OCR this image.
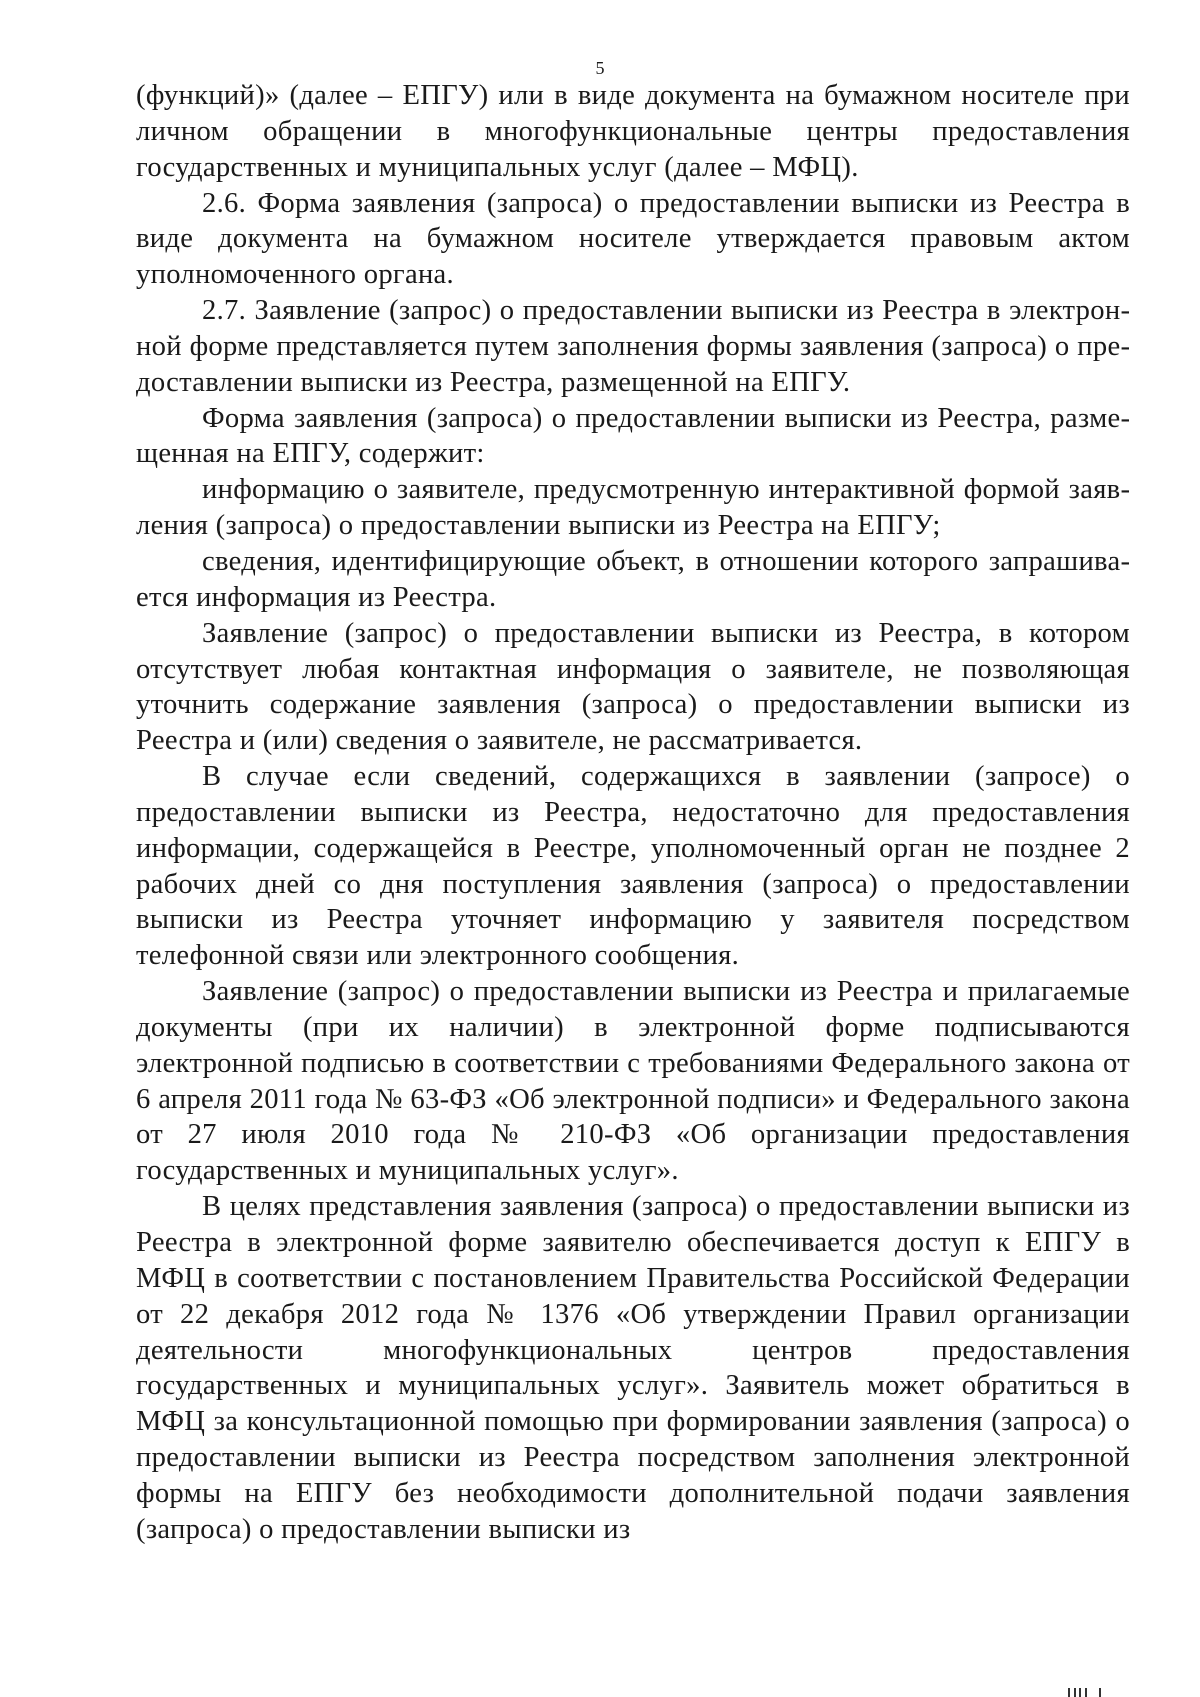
5

(функций)» (далее – ЕПГУ) или в виде документа на бумажном носителе при личном обращении в многофункциональные центры предоставления государственных и муниципальных услуг (далее – МФЦ).

2.6. Форма заявления (запроса) о предоставлении выписки из Реестра в виде документа на бумажном носителе утверждается правовым актом уполномоченного органа.

2.7. Заявление (запрос) о предоставлении выписки из Реестра в электронной форме представляется путем заполнения формы заявления (запроса) о предоставлении выписки из Реестра, размещенной на ЕПГУ.

Форма заявления (запроса) о предоставлении выписки из Реестра, размещенная на ЕПГУ, содержит:

информацию о заявителе, предусмотренную интерактивной формой заявления (запроса) о предоставлении выписки из Реестра на ЕПГУ;

сведения, идентифицирующие объект, в отношении которого запрашивается информация из Реестра.

Заявление (запрос) о предоставлении выписки из Реестра, в котором отсутствует любая контактная информация о заявителе, не позволяющая уточнить содержание заявления (запроса) о предоставлении выписки из Реестра и (или) сведения о заявителе, не рассматривается.

В случае если сведений, содержащихся в заявлении (запросе) о предоставлении выписки из Реестра, недостаточно для предоставления информации, содержащейся в Реестре, уполномоченный орган не позднее 2 рабочих дней со дня поступления заявления (запроса) о предоставлении выписки из Реестра уточняет информацию у заявителя посредством телефонной связи или электронного сообщения.

Заявление (запрос) о предоставлении выписки из Реестра и прилагаемые документы (при их наличии) в электронной форме подписываются электронной подписью в соответствии с требованиями Федерального закона от 6 апреля 2011 года № 63-ФЗ «Об электронной подписи» и Федерального закона от 27 июля 2010 года № 210-ФЗ «Об организации предоставления государственных и муниципальных услуг».

В целях представления заявления (запроса) о предоставлении выписки из Реестра в электронной форме заявителю обеспечивается доступ к ЕПГУ в МФЦ в соответствии с постановлением Правительства Российской Федерации от 22 декабря 2012 года № 1376 «Об утверждении Правил организации деятельности многофункциональных центров предоставления государственных и муниципальных услуг». Заявитель может обратиться в МФЦ за консультационной помощью при формировании заявления (запроса) о предоставлении выписки из Реестра посредством заполнения электронной формы на ЕПГУ без необходимости дополнительной подачи заявления (запроса) о предоставлении выписки из
